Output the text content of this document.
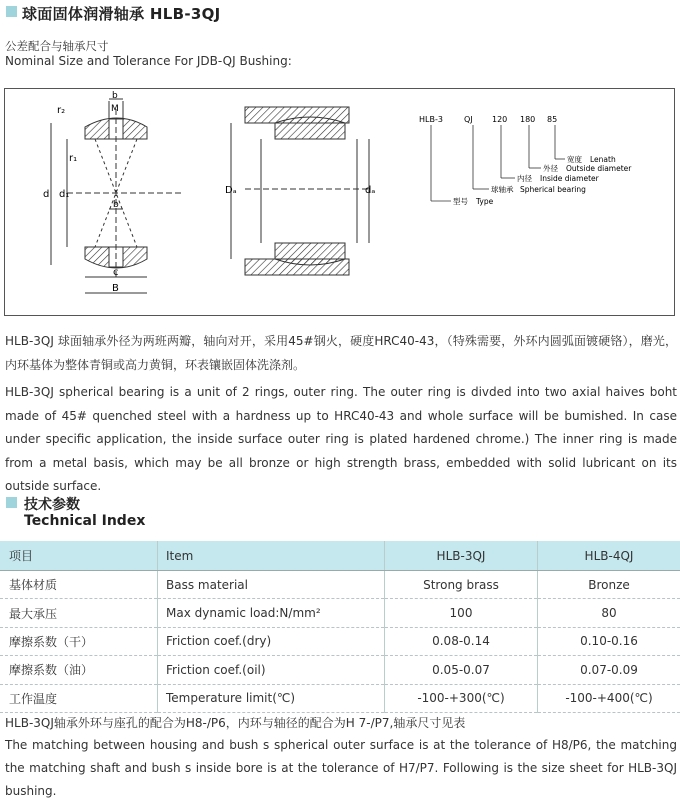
球面固体润滑轴承 HLB-3QJ
公差配合与轴承尺寸
Nominal Size and Tolerance For JDB-QJ Bushing:
r₂
r₁
b
M
d d₁
b
c
B
Dₐ	dₐ
HLB-3	QJ 120 180 85
宽度 Lenath
外径 Outside diameter
内径 Inside diameter
球轴承 Spherical bearing
型号 Type
HLB-3QJ 球面轴承外径为两班两瓣，轴向对开，采用45#钢火，硬度HRC40-43，（特殊需要，外环内圆弧面镀硬铬），磨光，内环基体为整体青铜或高力黄铜，环表镶嵌固体洗涤剂。
HLB-3QJ spherical bearing is a unit of 2 rings, outer ring. The outer ring is divded into two axial haives boht made of 45# quenched steel with a hardness up to HRC40-43 and whole surface will be bumished. In case under specific application, the inside surface outer ring is plated hardened chrome.) The inner ring is made from a metal basis, which may be all bronze or high strength brass, embedded with solid lubricant on its outside surface.
技术参数
Technical Index
项目	Item	HLB-3QJ	HLB-4QJ
基体材质	Bass material	Strong brass	Bronze
最大承压	Max dynamic load:N/mm²	100	80
摩擦系数（干）	Friction coef.(dry)	0.08-0.14	0.10-0.16
摩擦系数（油）	Friction coef.(oil)	0.05-0.07	0.07-0.09
工作温度	Temperature limit(℃)	-100-+300(℃)	-100-+400(℃)
HLB-3QJ轴承外环与座孔的配合为H8-/P6，内环与轴径的配合为H 7-/P7,轴承尺寸见表
The matching between housing and bush s spherical outer surface is at the tolerance of H8/P6, the matching the matching shaft and bush s inside bore is at the tolerance of H7/P7. Following is the size sheet for HLB-3QJ bushing.
